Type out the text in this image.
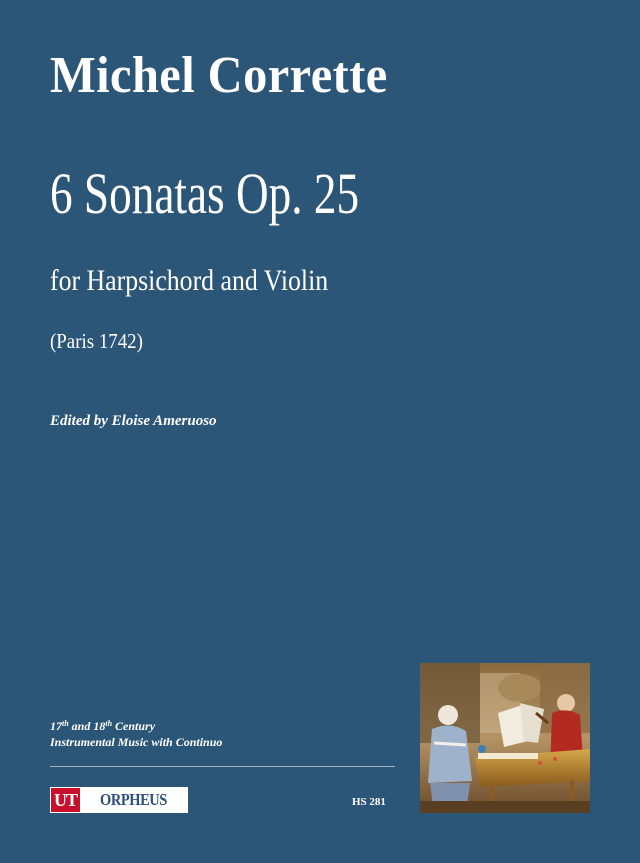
Michel Corrette
6 Sonatas Op. 25
for Harpsichord and Violin
(Paris 1742)
Edited by Eloise Ameruoso
17th and 18th Century
Instrumental Music with Continuo
UT	ORPHEUS	HS 281
